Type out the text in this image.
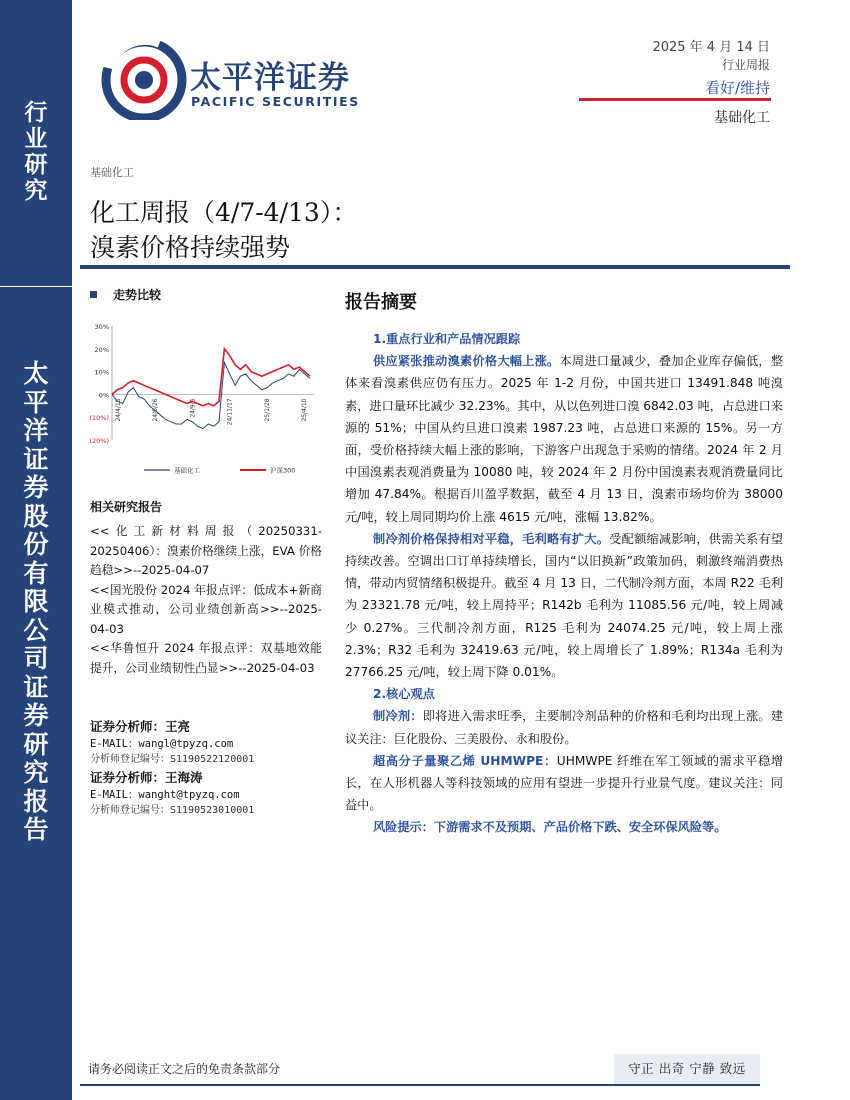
行
业
研
究
太
平
洋
证
券
股
份
有
限
公
司
证
券
研
究
报
告
太平洋证券
PACIFIC SECURITIES
2025 年 4 月 14 日
行业周报
看好/维持
基础化工
基础化工
化工周报（4/7-4/13）：
溴素价格持续强势
走势比较
30%
20%
10%
0%
(10%)
(20%)
24/4/15	24/6/26	24/9/6	24/11/17	25/1/28	25/4/10
基础化工	沪深300
相关研究报告
<<化工新材料周报（20250331-20250406）：溴素价格继续上涨，EVA 价格趋稳>>--2025-04-07
<<国光股份 2024 年报点评：低成本+新商业模式推动，公司业绩创新高>>--2025-04-03
<<华鲁恒升 2024 年报点评：双基地效能提升，公司业绩韧性凸显>>--2025-04-03
证券分析师：王亮
E-MAIL：wangl@tpyzq.com
分析师登记编号：S1190522120001
证券分析师：王海涛
E-MAIL：wanght@tpyzq.com
分析师登记编号：S1190523010001
报告摘要
1.重点行业和产品情况跟踪
供应紧张推动溴素价格大幅上涨。本周进口量减少，叠加企业库存偏低，整体来看溴素供应仍有压力。2025 年 1-2 月份，中国共进口 13491.848 吨溴素，进口量环比减少 32.23%。其中，从以色列进口溴 6842.03 吨，占总进口来源的 51%；中国从约旦进口溴素 1987.23 吨，占总进口来源的 15%。另一方面，受价格持续大幅上涨的影响，下游客户出现急于采购的情绪。2024 年 2 月中国溴素表观消费量为 10080 吨，较 2024 年 2 月份中国溴素表观消费量同比增加 47.84%。根据百川盈孚数据，截至 4 月 13 日，溴素市场均价为 38000 元/吨，较上周同期均价上涨 4615 元/吨，涨幅 13.82%。
制冷剂价格保持相对平稳，毛利略有扩大。受配额缩减影响，供需关系有望持续改善。空调出口订单持续增长，国内“以旧换新”政策加码，刺激终端消费热情，带动内贸情绪积极提升。截至 4 月 13 日，二代制冷剂方面，本周 R22 毛利为 23321.78 元/吨，较上周持平；R142b 毛利为 11085.56 元/吨，较上周减少 0.27%。三代制冷剂方面，R125 毛利为 24074.25 元/吨，较上周上涨 2.3%；R32 毛利为 32419.63 元/吨，较上周增长了 1.89%；R134a 毛利为 27766.25 元/吨，较上周下降 0.01%。
2.核心观点
制冷剂：即将进入需求旺季，主要制冷剂品种的价格和毛利均出现上涨。建议关注：巨化股份、三美股份、永和股份。
超高分子量聚乙烯 UHMWPE：UHMWPE 纤维在军工领域的需求平稳增长，在人形机器人等科技领域的应用有望进一步提升行业景气度。建议关注：同益中。
风险提示：下游需求不及预期、产品价格下跌、安全环保风险等。
请务必阅读正文之后的免责条款部分	守正 出奇 宁静 致远
